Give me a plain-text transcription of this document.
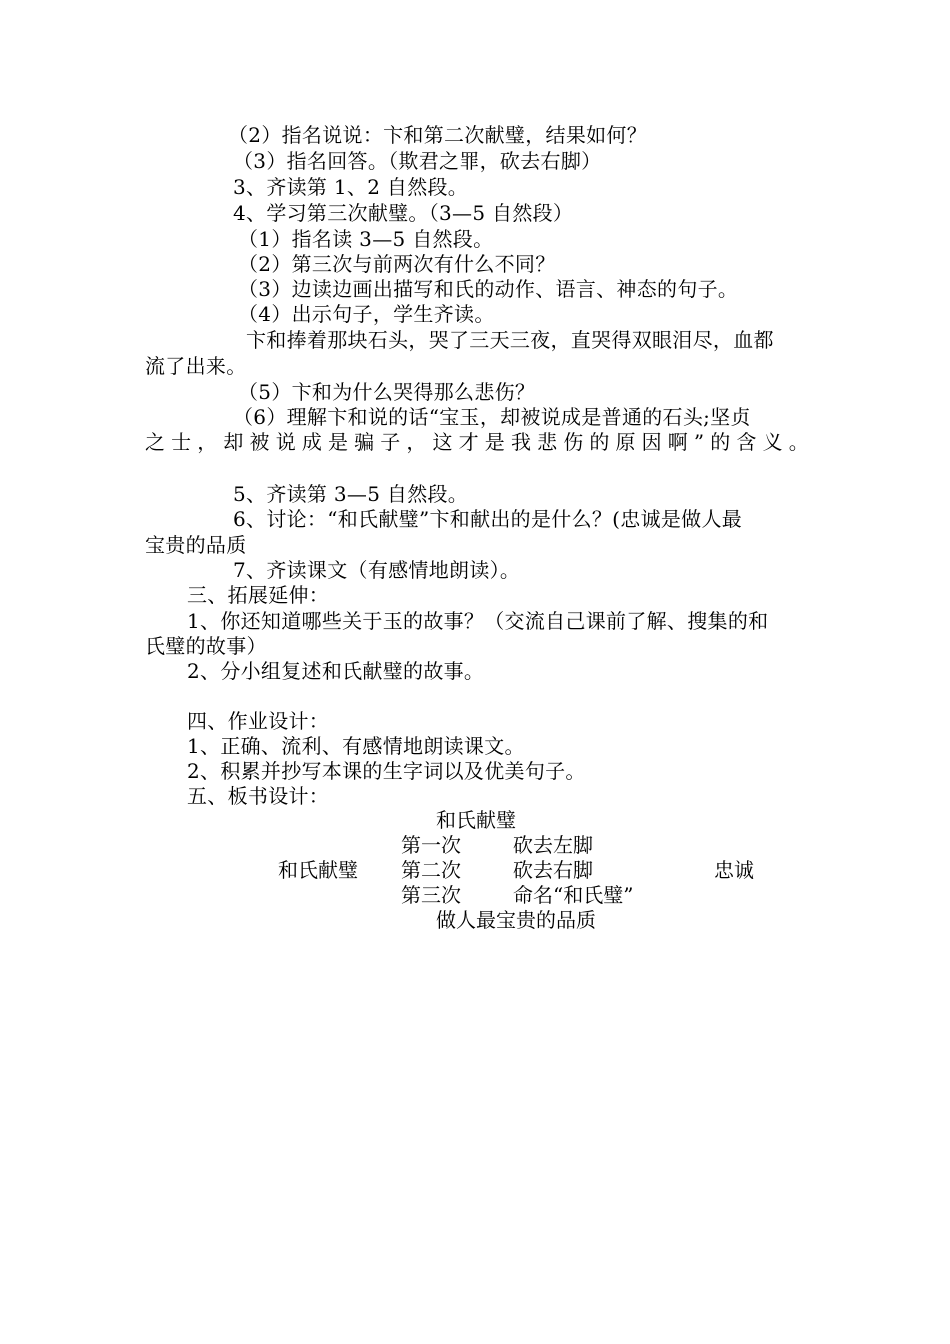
（2）指名说说：卞和第二次献璧，结果如何？
（3）指名回答。（欺君之罪，砍去右脚）
3、齐读第 1、2 自然段。
4、学习第三次献璧。（3—5 自然段）
（1）指名读 3—5 自然段。
（2）第三次与前两次有什么不同？
（3）边读边画出描写和氏的动作、语言、神态的句子。
（4）出示句子，学生齐读。
卞和捧着那块石头，哭了三天三夜，直哭得双眼泪尽，血都
流了出来。
（5）卞和为什么哭得那么悲伤？
（6）理解卞和说的话“宝玉，却被说成是普通的石头;坚贞
之士，却被说成是骗子，这才是我悲伤的原因啊”的含义。
5、齐读第 3—5 自然段。
6、讨论：“和氏献璧”卞和献出的是什么？(忠诚是做人最
宝贵的品质
7、齐读课文（有感情地朗读）。
三、拓展延伸：
1、你还知道哪些关于玉的故事？（交流自己课前了解、搜集的和
氏璧的故事）
2、分小组复述和氏献璧的故事。
四、作业设计：
1、正确、流利、有感情地朗读课文。
2、积累并抄写本课的生字词以及优美句子。
五、板书设计：
和氏献璧
第一次	砍去左脚
和氏献璧 第二次	砍去右脚	忠诚
第三次	命名“和氏璧”
做人最宝贵的品质
